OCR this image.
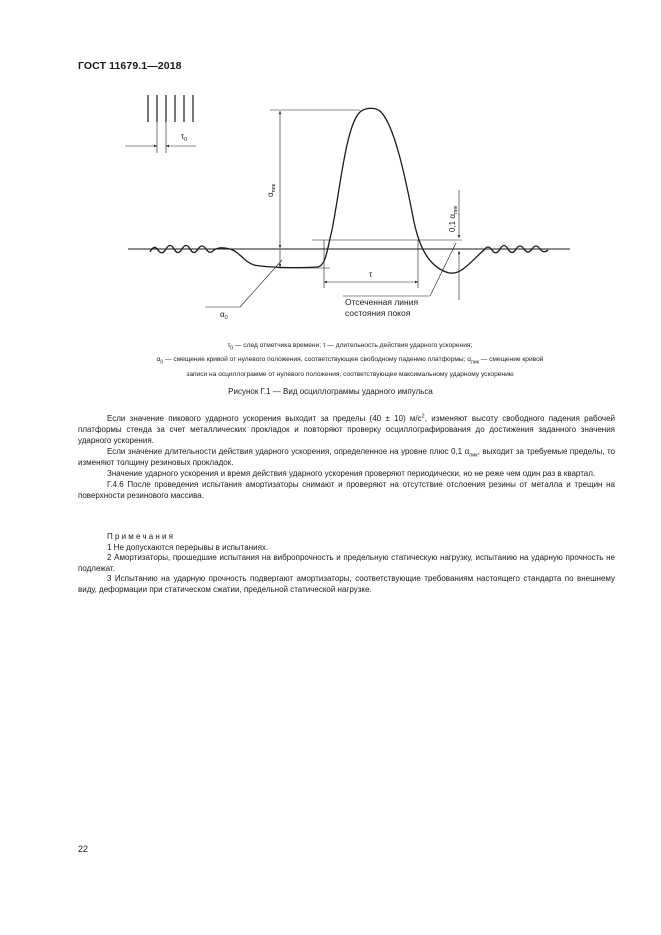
ГОСТ 11679.1—2018
$\tau_0$
$\alpha_{пик}$
0,1 $\alpha_{пик}$
τ
$\alpha_0$
Отсеченная линия
состояния покоя
$\tau_0$ — след отметчика времени; τ — длительность действия ударного ускорения;
$\alpha_0$ — смещение кривой от нулевого положения, соответствующее свободному падению платформы; $\alpha_{пик}$ — смещение кривой
записи на осциллограмме от нулевого положения, соответствующее максимальному ударному ускорению
Рисунок Г.1 — Вид осциллограммы ударного импульса

Если значение пикового ударного ускорения выходит за пределы (40 ± 10) $м/с^2$, изменяют высоту свободного падения рабочей платформы стенда за счет металлических прокладок и повторяют проверку осциллографирования до достижения заданного значения ударного ускорения.

Если значение длительности действия ударного ускорения, определенное на уровне плюс 0,1 $\alpha_{пик}$, выходит за требуемые пределы, то изменяют толщину резиновых прокладок.

Значение ударного ускорения и время действия ударного ускорения проверяют периодически, но не реже чем один раз в квартал.

Г.4.6 После проведения испытания амортизаторы снимают и проверяют на отсутствие отслоения резины от металла и трещин на поверхности резинового массива.

Примечания

1 Не допускаются перерывы в испытаниях.

2 Амортизаторы, прошедшие испытания на вибропрочность и предельную статическую нагрузку, испытанию на ударную прочность не подлежат.

3 Испытанию на ударную прочность подвергают амортизаторы, соответствующие требованиям настоящего стандарта по внешнему виду, деформации при статическом сжатии, предельной статической нагрузке.

22
